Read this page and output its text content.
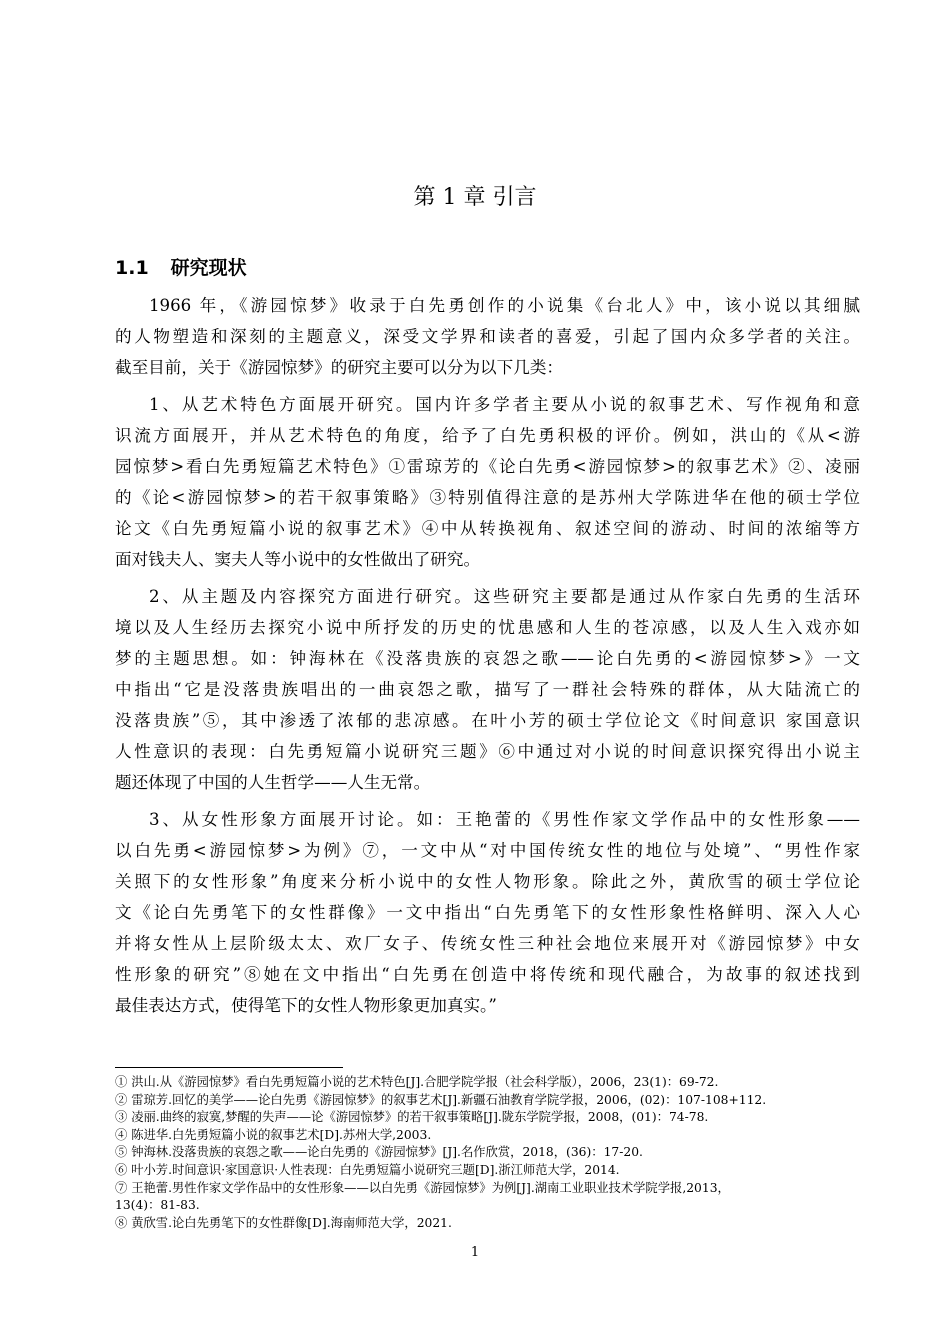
第 1 章 引言
1.1 研究现状
1966 年，《游园惊梦》收录于白先勇创作的小说集《台北人》中，该小说以其细腻
的人物塑造和深刻的主题意义，深受文学界和读者的喜爱，引起了国内众多学者的关注。
截至目前，关于《游园惊梦》的研究主要可以分为以下几类：
1、从艺术特色方面展开研究。国内许多学者主要从小说的叙事艺术、写作视角和意
识流方面展开，并从艺术特色的角度，给予了白先勇积极的评价。例如，洪山的《从<游
园惊梦>看白先勇短篇艺术特色》①雷琼芳的《论白先勇<游园惊梦>的叙事艺术》②、凌丽
的《论<游园惊梦>的若干叙事策略》③特别值得注意的是苏州大学陈进华在他的硕士学位
论文《白先勇短篇小说的叙事艺术》④中从转换视角、叙述空间的游动、时间的浓缩等方
面对钱夫人、窦夫人等小说中的女性做出了研究。
2、从主题及内容探究方面进行研究。这些研究主要都是通过从作家白先勇的生活环
境以及人生经历去探究小说中所抒发的历史的忧患感和人生的苍凉感，以及人生入戏亦如
梦的主题思想。如：钟海林在《没落贵族的哀怨之歌——论白先勇的<游园惊梦>》一文
中指出“它是没落贵族唱出的一曲哀怨之歌，描写了一群社会特殊的群体，从大陆流亡的
没落贵族”⑤，其中渗透了浓郁的悲凉感。在叶小芳的硕士学位论文《时间意识 家国意识
人性意识的表现：白先勇短篇小说研究三题》⑥中通过对小说的时间意识探究得出小说主
题还体现了中国的人生哲学——人生无常。
3、从女性形象方面展开讨论。如：王艳蕾的《男性作家文学作品中的女性形象——
以白先勇<游园惊梦>为例》⑦，一文中从“对中国传统女性的地位与处境”、“男性作家
关照下的女性形象”角度来分析小说中的女性人物形象。除此之外，黄欣雪的硕士学位论
文《论白先勇笔下的女性群像》一文中指出“白先勇笔下的女性形象性格鲜明、深入人心
并将女性从上层阶级太太、欢厂女子、传统女性三种社会地位来展开对《游园惊梦》中女
性形象的研究”⑧她在文中指出“白先勇在创造中将传统和现代融合，为故事的叙述找到
最佳表达方式，使得笔下的女性人物形象更加真实。”
① 洪山.从《游园惊梦》看白先勇短篇小说的艺术特色[J].合肥学院学报（社会科学版），2006，23(1)：69-72.
② 雷琼芳.回忆的美学——论白先勇《游园惊梦》的叙事艺术[J].新疆石油教育学院学报，2006，(02)：107-108+112.
③ 凌丽.曲终的寂寞,梦醒的失声——论《游园惊梦》的若干叙事策略[J].陇东学院学报，2008，(01)：74-78.
④ 陈进华.白先勇短篇小说的叙事艺术[D].苏州大学,2003.
⑤ 钟海林.没落贵族的哀怨之歌——论白先勇的《游园惊梦》[J].名作欣赏，2018，(36)：17-20.
⑥ 叶小芳.时间意识·家国意识·人性表现：白先勇短篇小说研究三题[D].浙江师范大学，2014.
⑦ 王艳蕾.男性作家文学作品中的女性形象——以白先勇《游园惊梦》为例[J].湖南工业职业技术学院学报,2013，
13(4)：81-83.
⑧ 黄欣雪.论白先勇笔下的女性群像[D].海南师范大学，2021.
1
